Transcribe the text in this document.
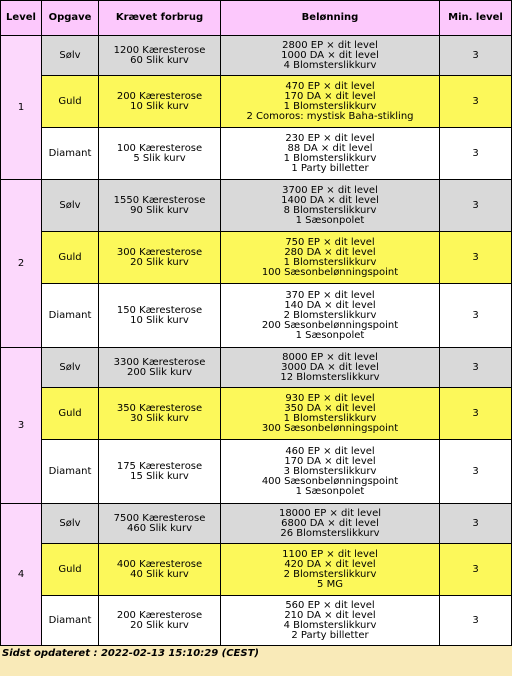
Level	Opgave	Krævet forbrug	Belønning	Min. level
1	Sølv	1200 Kæresterose
60 Slik kurv	2800 EP × dit level
1000 DA × dit level
4 Blomsterslikkurv	3
	Guld	200 Kæresterose
10 Slik kurv	470 EP × dit level
170 DA × dit level
1 Blomsterslikkurv
2 Comoros: mystisk Baha-stikling	3
	Diamant	100 Kæresterose
5 Slik kurv	230 EP × dit level
88 DA × dit level
1 Blomsterslikkurv
1 Party billetter	3
2	Sølv	1550 Kæresterose
90 Slik kurv	3700 EP × dit level
1400 DA × dit level
8 Blomsterslikkurv
1 Sæsonpolet	3
	Guld	300 Kæresterose
20 Slik kurv	750 EP × dit level
280 DA × dit level
1 Blomsterslikkurv
100 Sæsonbelønningspoint	3
	Diamant	150 Kæresterose
10 Slik kurv	370 EP × dit level
140 DA × dit level
2 Blomsterslikkurv
200 Sæsonbelønningspoint
1 Sæsonpolet	3
3	Sølv	3300 Kæresterose
200 Slik kurv	8000 EP × dit level
3000 DA × dit level
12 Blomsterslikkurv	3
	Guld	350 Kæresterose
30 Slik kurv	930 EP × dit level
350 DA × dit level
1 Blomsterslikkurv
300 Sæsonbelønningspoint	3
	Diamant	175 Kæresterose
15 Slik kurv	460 EP × dit level
170 DA × dit level
3 Blomsterslikkurv
400 Sæsonbelønningspoint
1 Sæsonpolet	3
4	Sølv	7500 Kæresterose
460 Slik kurv	18000 EP × dit level
6800 DA × dit level
26 Blomsterslikkurv	3
	Guld	400 Kæresterose
40 Slik kurv	1100 EP × dit level
420 DA × dit level
2 Blomsterslikkurv
5 MG	3
	Diamant	200 Kæresterose
20 Slik kurv	560 EP × dit level
210 DA × dit level
4 Blomsterslikkurv
2 Party billetter	3
Sidst opdateret : 2022-02-13 15:10:29 (CEST)
